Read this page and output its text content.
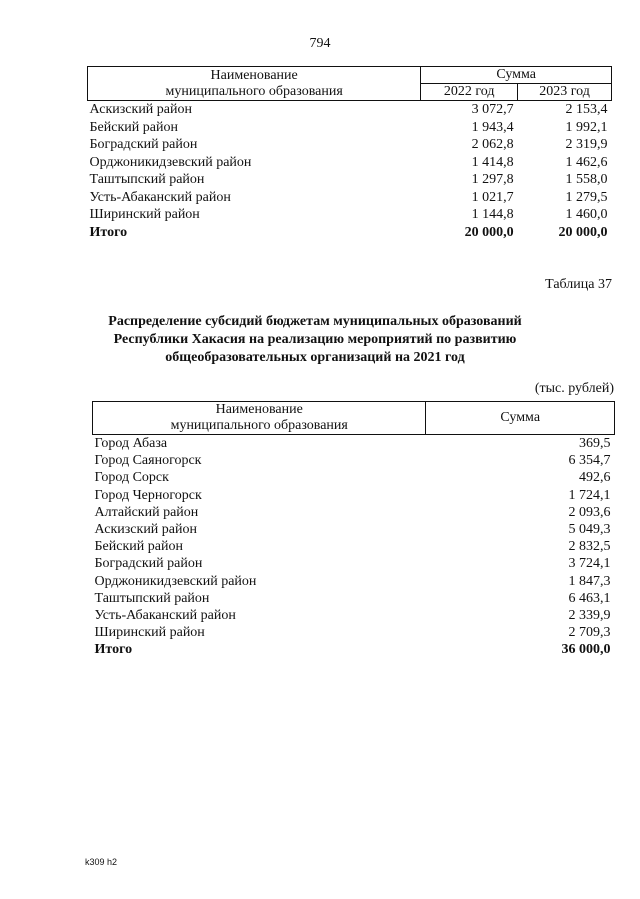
794
Наименование
муниципального образования	Сумма	
	2022 год	2023 год
Аскизский район	3 072,7	2 153,4
Бейский район	1 943,4	1 992,1
Боградский район	2 062,8	2 319,9
Орджоникидзевский район	1 414,8	1 462,6
Таштыпский район	1 297,8	1 558,0
Усть-Абаканский район	1 021,7	1 279,5
Ширинский район	1 144,8	1 460,0
Итого	20 000,0	20 000,0
Таблица 37
Распределение субсидий бюджетам муниципальных образований
Республики Хакасия на реализацию мероприятий по развитию
общеобразовательных организаций на 2021 год
(тыс. рублей)
Наименование
муниципального образования	Сумма
Город Абаза	369,5
Город Саяногорск	6 354,7
Город Сорск	492,6
Город Черногорск	1 724,1
Алтайский район	2 093,6
Аскизский район	5 049,3
Бейский район	2 832,5
Боградский район	3 724,1
Орджоникидзевский район	1 847,3
Таштыпский район	6 463,1
Усть-Абаканский район	2 339,9
Ширинский район	2 709,3
Итого	36 000,0
k309 h2
